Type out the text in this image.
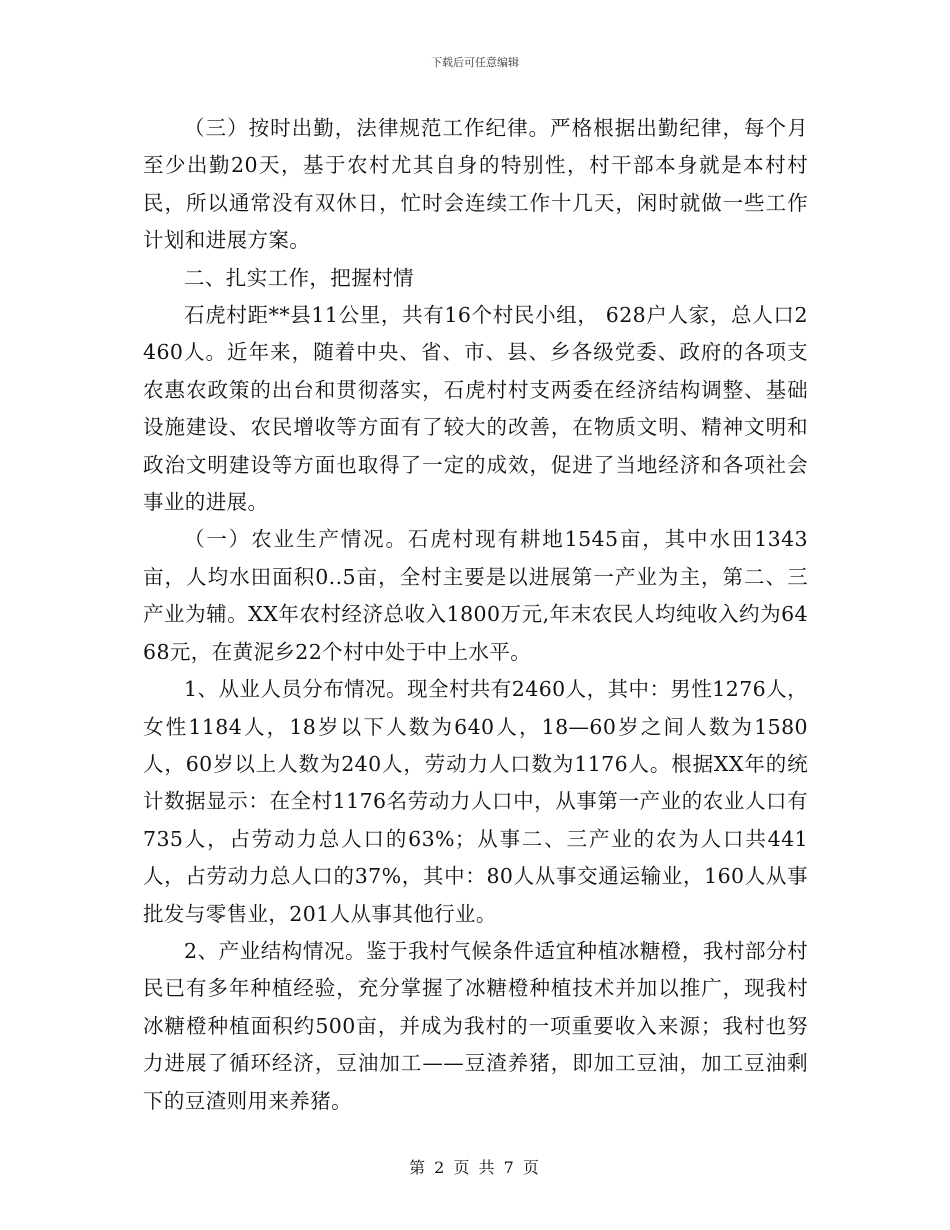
下载后可任意编辑

（三）按时出勤，法律规范工作纪律。严格根据出勤纪律，每个月至少出勤20天，基于农村尤其自身的特别性，村干部本身就是本村村民，所以通常没有双休日，忙时会连续工作十几天，闲时就做一些工作计划和进展方案。

二、扎实工作，把握村情

石虎村距**县11公里，共有16个村民小组， 628户人家，总人口2460人。近年来，随着中央、省、市、县、乡各级党委、政府的各项支农惠农政策的出台和贯彻落实，石虎村村支两委在经济结构调整、基础设施建设、农民增收等方面有了较大的改善，在物质文明、精神文明和政治文明建设等方面也取得了一定的成效，促进了当地经济和各项社会事业的进展。

（一）农业生产情况。石虎村现有耕地1545亩，其中水田1343亩，人均水田面积0..5亩，全村主要是以进展第一产业为主，第二、三产业为辅。XX年农村经济总收入1800万元,年末农民人均纯收入约为6468元，在黄泥乡22个村中处于中上水平。

1、从业人员分布情况。现全村共有2460人，其中：男性1276人，女性1184人，18岁以下人数为640人，18—60岁之间人数为1580人，60岁以上人数为240人，劳动力人口数为1176人。根据XX年的统计数据显示：在全村1176名劳动力人口中，从事第一产业的农业人口有735人，占劳动力总人口的63%；从事二、三产业的农为人口共441人，占劳动力总人口的37%，其中：80人从事交通运输业，160人从事批发与零售业，201人从事其他行业。

2、产业结构情况。鉴于我村气候条件适宜种植冰糖橙，我村部分村民已有多年种植经验，充分掌握了冰糖橙种植技术并加以推广，现我村冰糖橙种植面积约500亩，并成为我村的一项重要收入来源；我村也努力进展了循环经济，豆油加工——豆渣养猪，即加工豆油，加工豆油剩下的豆渣则用来养猪。

第 2 页 共 7 页
